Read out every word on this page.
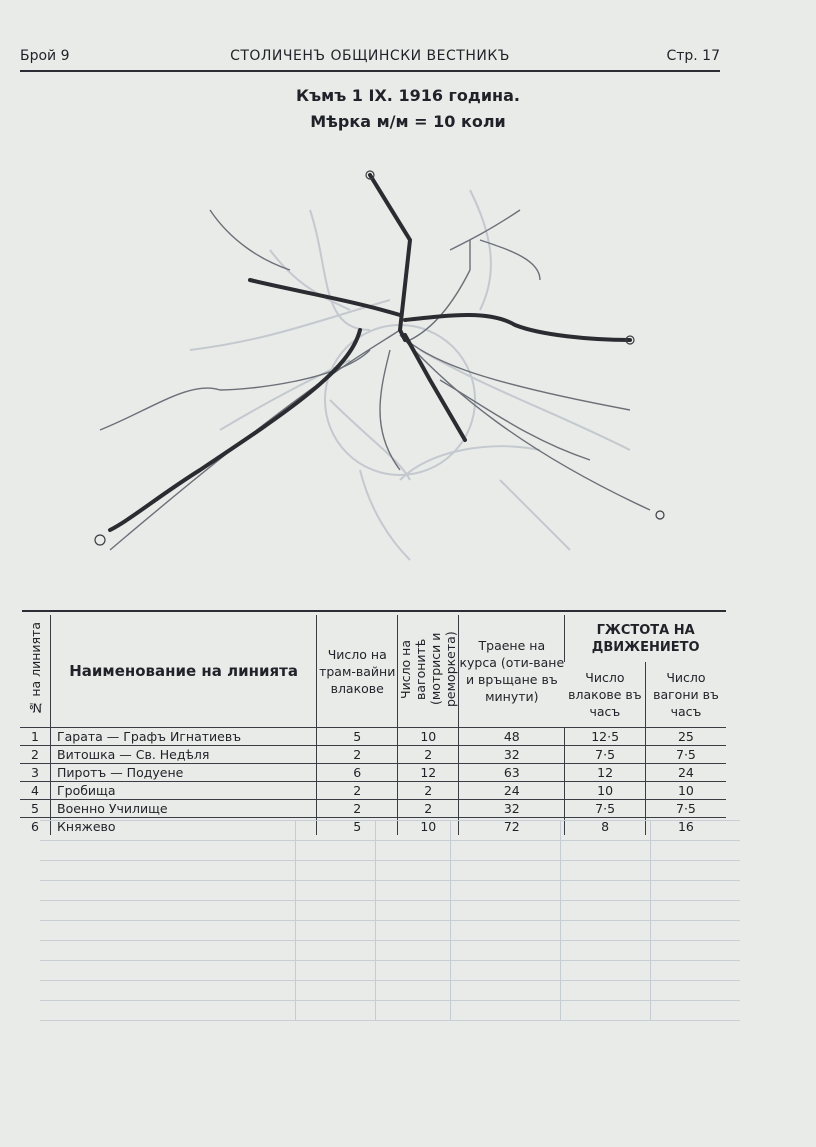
Брой 9	СТОЛИЧЕНЪ ОБЩИНСКИ ВЕСТНИКЪ	Стр. 17
Къмъ 1 IX. 1916 година.
Мѣрка м/м = 10 коли
№ на линията	Наименование на линията	Число на трам-вайни влакове	Число на вагонитѣ (мотриси и реморкета)	Траене на курса (оти-ване и връщане въ минути)	ГЖСТОТА НА ДВИЖЕНИЕТО	
					Число влакове въ часъ	Число вагони въ часъ
1	Гарата — Графъ Игнатиевъ	5	10	48	12·5	25
2	Витошка — Св. Недѣля	2	2	32	7·5	7·5
3	Пиротъ — Подуене	6	12	63	12	24
4	Гробища	2	2	24	10	10
5	Военно Училище	2	2	32	7·5	7·5
6	Княжево	5	10	72	8	16
